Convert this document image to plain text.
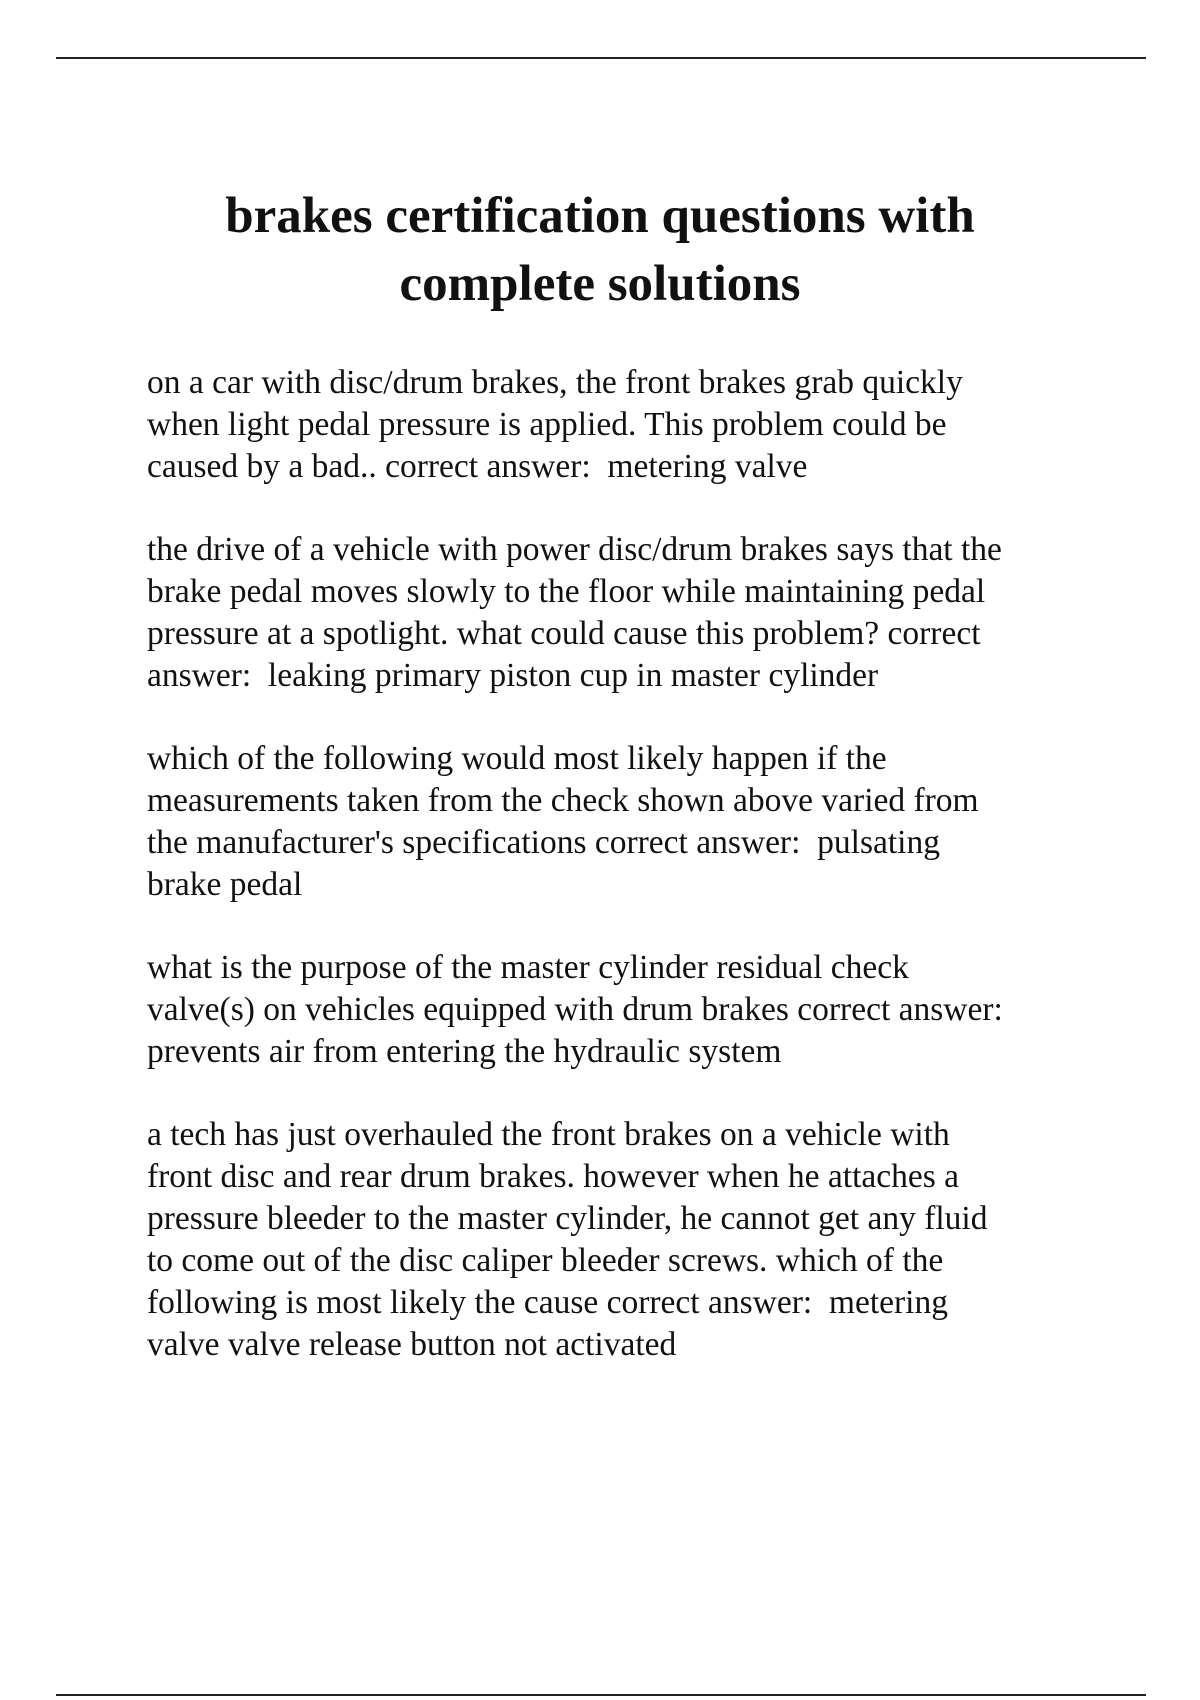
brakes certification questions with
complete solutions
on a car with disc/drum brakes, the front brakes grab quickly
when light pedal pressure is applied. This problem could be
caused by a bad.. correct answer:  metering valve
the drive of a vehicle with power disc/drum brakes says that the
brake pedal moves slowly to the floor while maintaining pedal
pressure at a spotlight. what could cause this problem? correct
answer:  leaking primary piston cup in master cylinder
which of the following would most likely happen if the
measurements taken from the check shown above varied from
the manufacturer's specifications correct answer:  pulsating
brake pedal
what is the purpose of the master cylinder residual check
valve(s) on vehicles equipped with drum brakes correct answer:
prevents air from entering the hydraulic system
a tech has just overhauled the front brakes on a vehicle with
front disc and rear drum brakes. however when he attaches a
pressure bleeder to the master cylinder, he cannot get any fluid
to come out of the disc caliper bleeder screws. which of the
following is most likely the cause correct answer:  metering
valve valve release button not activated
